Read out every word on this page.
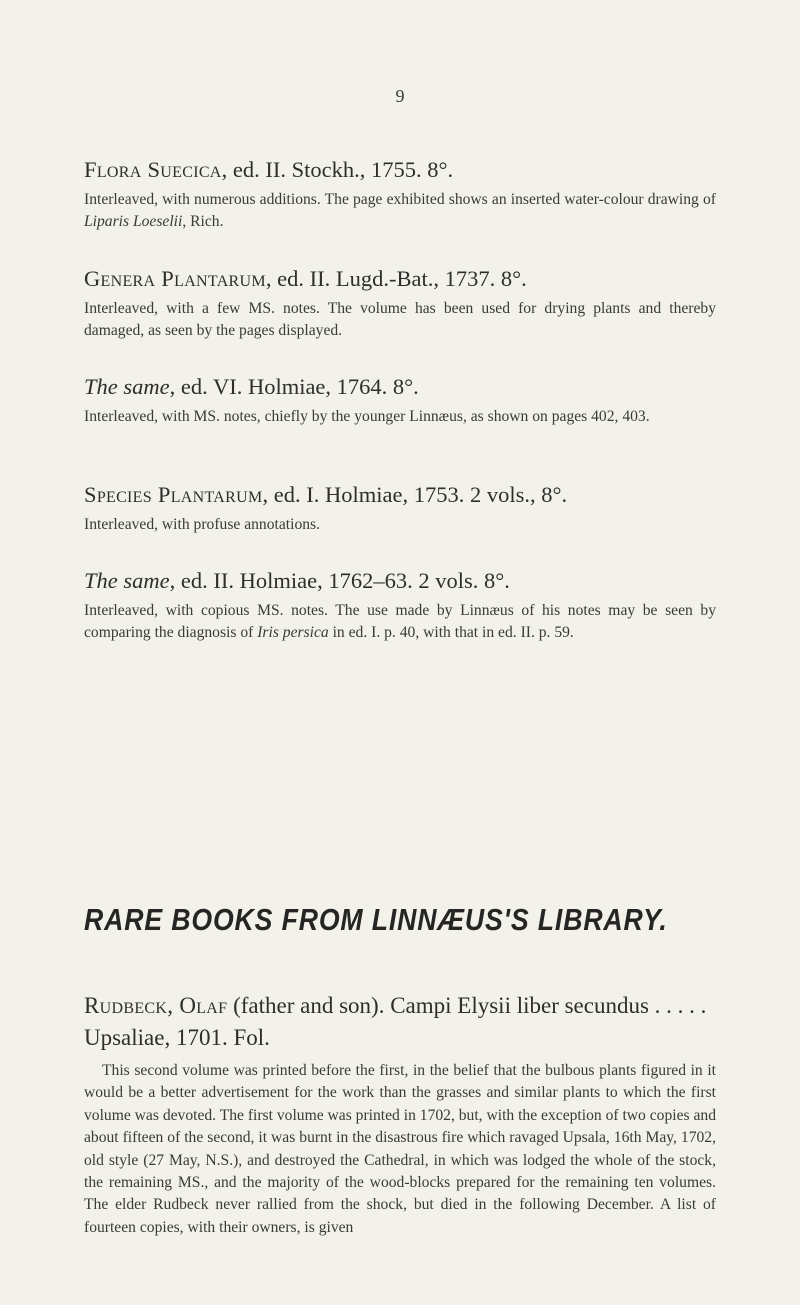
9
Flora Suecica, ed. II. Stockh., 1755. 8°.
Interleaved, with numerous additions. The page exhibited shows an inserted water-colour drawing of Liparis Loeselii, Rich.
Genera Plantarum, ed. II. Lugd.-Bat., 1737. 8°.
Interleaved, with a few MS. notes. The volume has been used for drying plants and thereby damaged, as seen by the pages displayed.
The same, ed. VI. Holmiae, 1764. 8°.
Interleaved, with MS. notes, chiefly by the younger Linnæus, as shown on pages 402, 403.
Species Plantarum, ed. I. Holmiae, 1753. 2 vols., 8°.
Interleaved, with profuse annotations.
The same, ed. II. Holmiae, 1762–63. 2 vols. 8°.
Interleaved, with copious MS. notes. The use made by Linnæus of his notes may be seen by comparing the diagnosis of Iris persica in ed. I. p. 40, with that in ed. II. p. 59.
RARE BOOKS FROM LINNÆUS'S LIBRARY.
Rudbeck, Olaf (father and son). Campi Elysii liber secundus . . . . . Upsaliae, 1701. Fol.
This second volume was printed before the first, in the belief that the bulbous plants figured in it would be a better advertisement for the work than the grasses and similar plants to which the first volume was devoted. The first volume was printed in 1702, but, with the exception of two copies and about fifteen of the second, it was burnt in the disastrous fire which ravaged Upsala, 16th May, 1702, old style (27 May, N.S.), and destroyed the Cathedral, in which was lodged the whole of the stock, the remaining MS., and the majority of the wood-blocks prepared for the remaining ten volumes. The elder Rudbeck never rallied from the shock, but died in the following December. A list of fourteen copies, with their owners, is given
